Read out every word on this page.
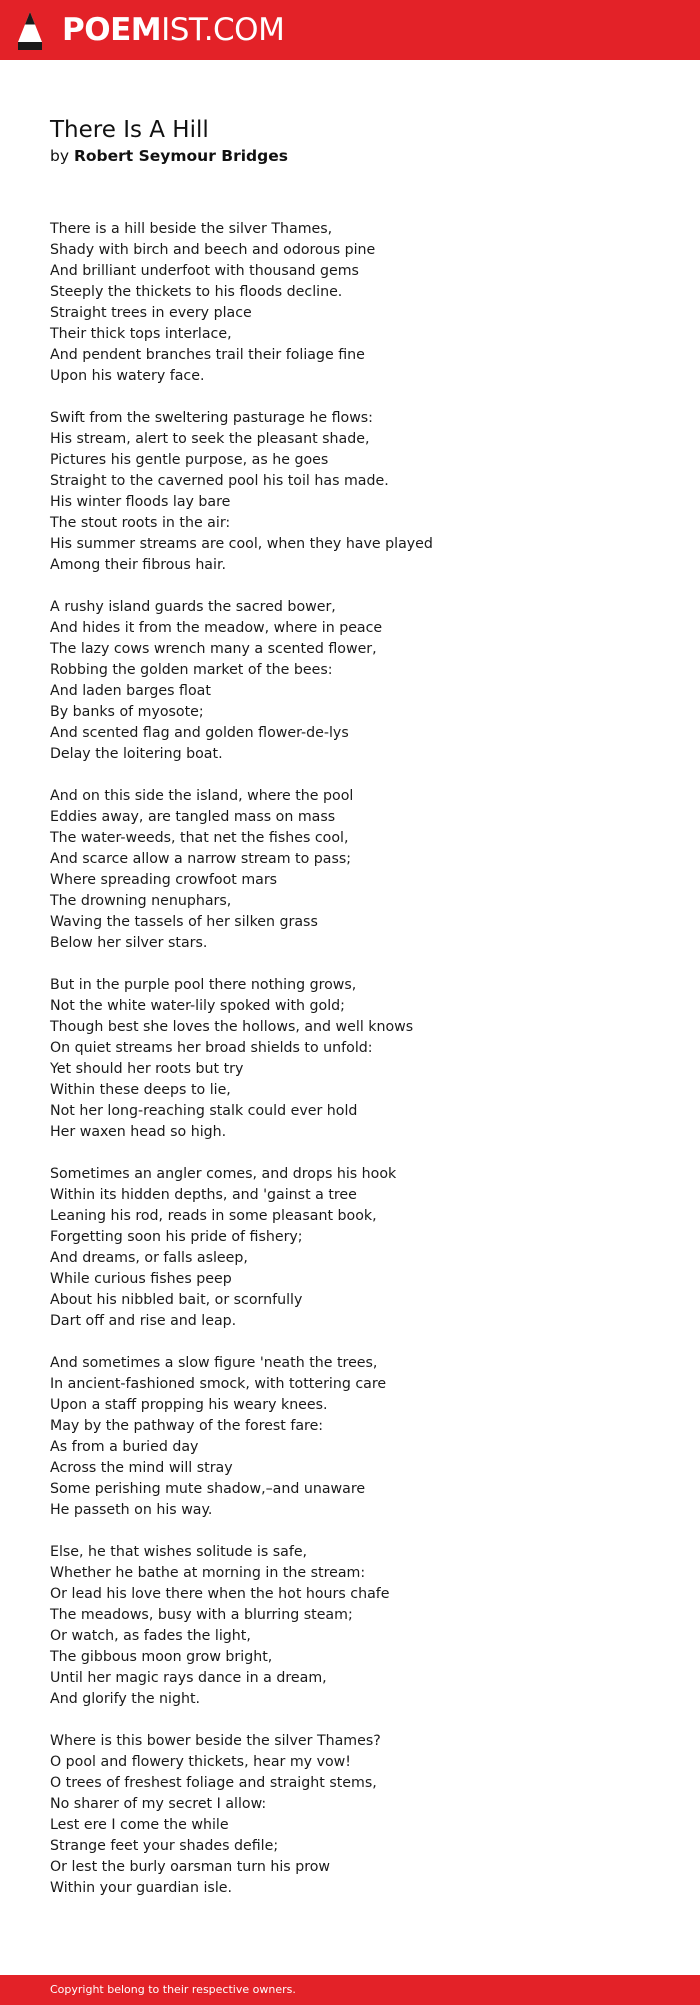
POEMIST.COM
There Is A Hill
by Robert Seymour Bridges
There is a hill beside the silver Thames,
Shady with birch and beech and odorous pine
And brilliant underfoot with thousand gems
Steeply the thickets to his floods decline.
Straight trees in every place
Their thick tops interlace,
And pendent branches trail their foliage fine
Upon his watery face.
Swift from the sweltering pasturage he flows:
His stream, alert to seek the pleasant shade,
Pictures his gentle purpose, as he goes
Straight to the caverned pool his toil has made.
His winter floods lay bare
The stout roots in the air:
His summer streams are cool, when they have played
Among their fibrous hair.
A rushy island guards the sacred bower,
And hides it from the meadow, where in peace
The lazy cows wrench many a scented flower,
Robbing the golden market of the bees:
And laden barges float
By banks of myosote;
And scented flag and golden flower-de-lys
Delay the loitering boat.
And on this side the island, where the pool
Eddies away, are tangled mass on mass
The water-weeds, that net the fishes cool,
And scarce allow a narrow stream to pass;
Where spreading crowfoot mars
The drowning nenuphars,
Waving the tassels of her silken grass
Below her silver stars.
But in the purple pool there nothing grows,
Not the white water-lily spoked with gold;
Though best she loves the hollows, and well knows
On quiet streams her broad shields to unfold:
Yet should her roots but try
Within these deeps to lie,
Not her long-reaching stalk could ever hold
Her waxen head so high.
Sometimes an angler comes, and drops his hook
Within its hidden depths, and 'gainst a tree
Leaning his rod, reads in some pleasant book,
Forgetting soon his pride of fishery;
And dreams, or falls asleep,
While curious fishes peep
About his nibbled bait, or scornfully
Dart off and rise and leap.
And sometimes a slow figure 'neath the trees,
In ancient-fashioned smock, with tottering care
Upon a staff propping his weary knees.
May by the pathway of the forest fare:
As from a buried day
Across the mind will stray
Some perishing mute shadow,–and unaware
He passeth on his way.
Else, he that wishes solitude is safe,
Whether he bathe at morning in the stream:
Or lead his love there when the hot hours chafe
The meadows, busy with a blurring steam;
Or watch, as fades the light,
The gibbous moon grow bright,
Until her magic rays dance in a dream,
And glorify the night.
Where is this bower beside the silver Thames?
O pool and flowery thickets, hear my vow!
O trees of freshest foliage and straight stems,
No sharer of my secret I allow:
Lest ere I come the while
Strange feet your shades defile;
Or lest the burly oarsman turn his prow
Within your guardian isle.
Copyright belong to their respective owners.
